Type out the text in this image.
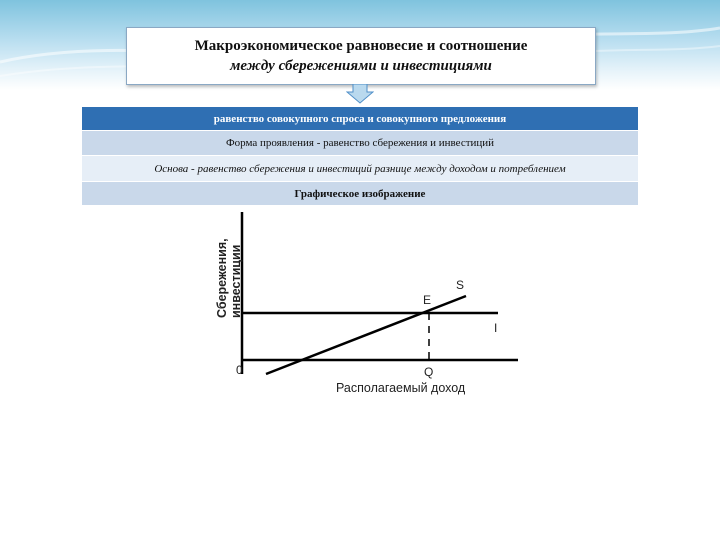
Макроэкономическое равновесие и соотношение
между сбережениями и инвестициями
равенство совокупного спроса и совокупного предложения
Форма проявления - равенство сбережения и инвестиций
Основа - равенство сбережения и инвестиций разнице между доходом и потреблением
Графическое изображение
Сбережения, инвестиции
Располагаемый доход
0
E
S
I
Q
